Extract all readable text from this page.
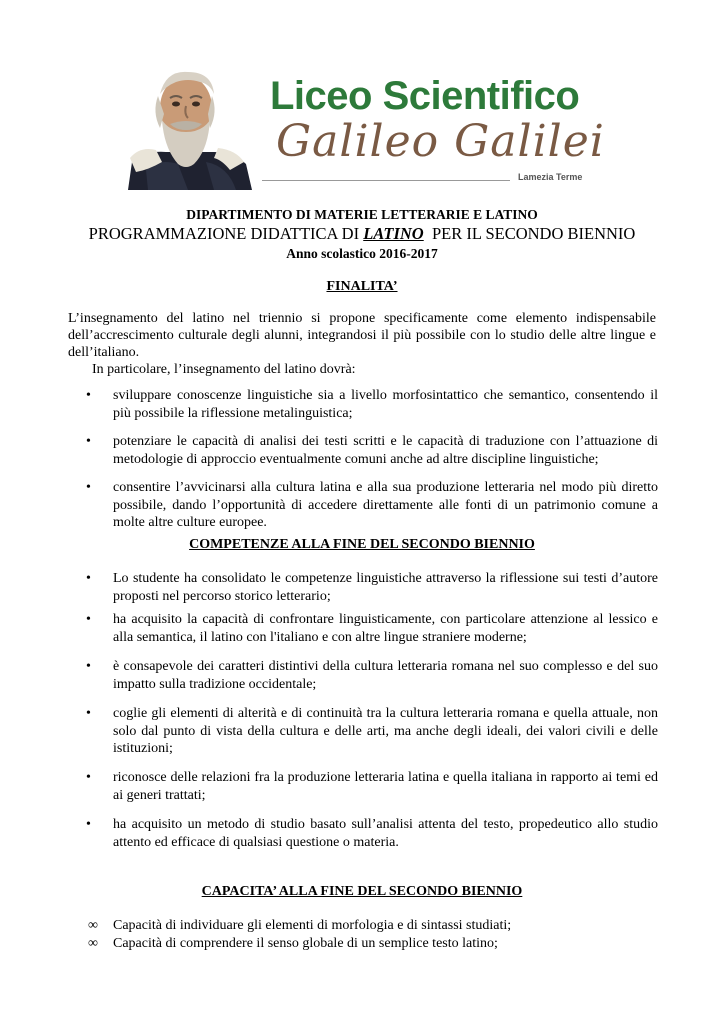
Liceo Scientifico
Galileo Galilei
Lamezia Terme
DIPARTIMENTO DI MATERIE LETTERARIE E LATINO
PROGRAMMAZIONE DIDATTICA DI LATINO  PER IL SECONDO BIENNIO
Anno scolastico 2016-2017
FINALITA’
L’insegnamento del latino nel triennio si propone specificamente come elemento indispensabile dell’accrescimento culturale degli alunni, integrandosi il più possibile con lo studio delle altre lingue e dell’italiano.
In particolare, l’insegnamento del latino dovrà:
•	sviluppare conoscenze linguistiche sia a livello morfosintattico che semantico, consentendo il più possibile la riflessione metalinguistica;
•	potenziare le capacità di analisi dei testi scritti e le capacità di traduzione con l’attuazione di metodologie di approccio eventualmente comuni anche ad altre discipline linguistiche;
•	consentire l’avvicinarsi alla cultura latina e alla sua produzione letteraria nel modo più diretto possibile, dando l’opportunità di accedere direttamente alle fonti di un patrimonio comune a molte altre culture europee.
COMPETENZE ALLA FINE DEL SECONDO BIENNIO
•	Lo studente ha consolidato le competenze linguistiche attraverso la riflessione sui testi d’autore proposti nel percorso storico letterario;
•	ha acquisito la capacità di confrontare linguisticamente, con particolare attenzione al lessico e alla semantica, il latino con l'italiano e con altre lingue straniere moderne;
•	è consapevole dei caratteri distintivi della cultura letteraria romana nel suo complesso e del suo impatto sulla tradizione occidentale;
•	coglie gli elementi di alterità e di continuità tra la cultura letteraria romana e quella attuale, non solo dal punto di vista della cultura e delle arti, ma anche degli ideali, dei valori civili e delle istituzioni;
•	riconosce delle relazioni fra la produzione letteraria latina e quella italiana in rapporto ai temi ed ai generi trattati;
•	ha acquisito un metodo di studio basato sull’analisi attenta del testo, propedeutico allo studio attento ed efficace di qualsiasi questione o materia.
CAPACITA’ ALLA FINE DEL SECONDO BIENNIO
∞ Capacità di individuare gli elementi di morfologia e di sintassi studiati;
∞ Capacità di comprendere il senso globale di un semplice testo latino;
